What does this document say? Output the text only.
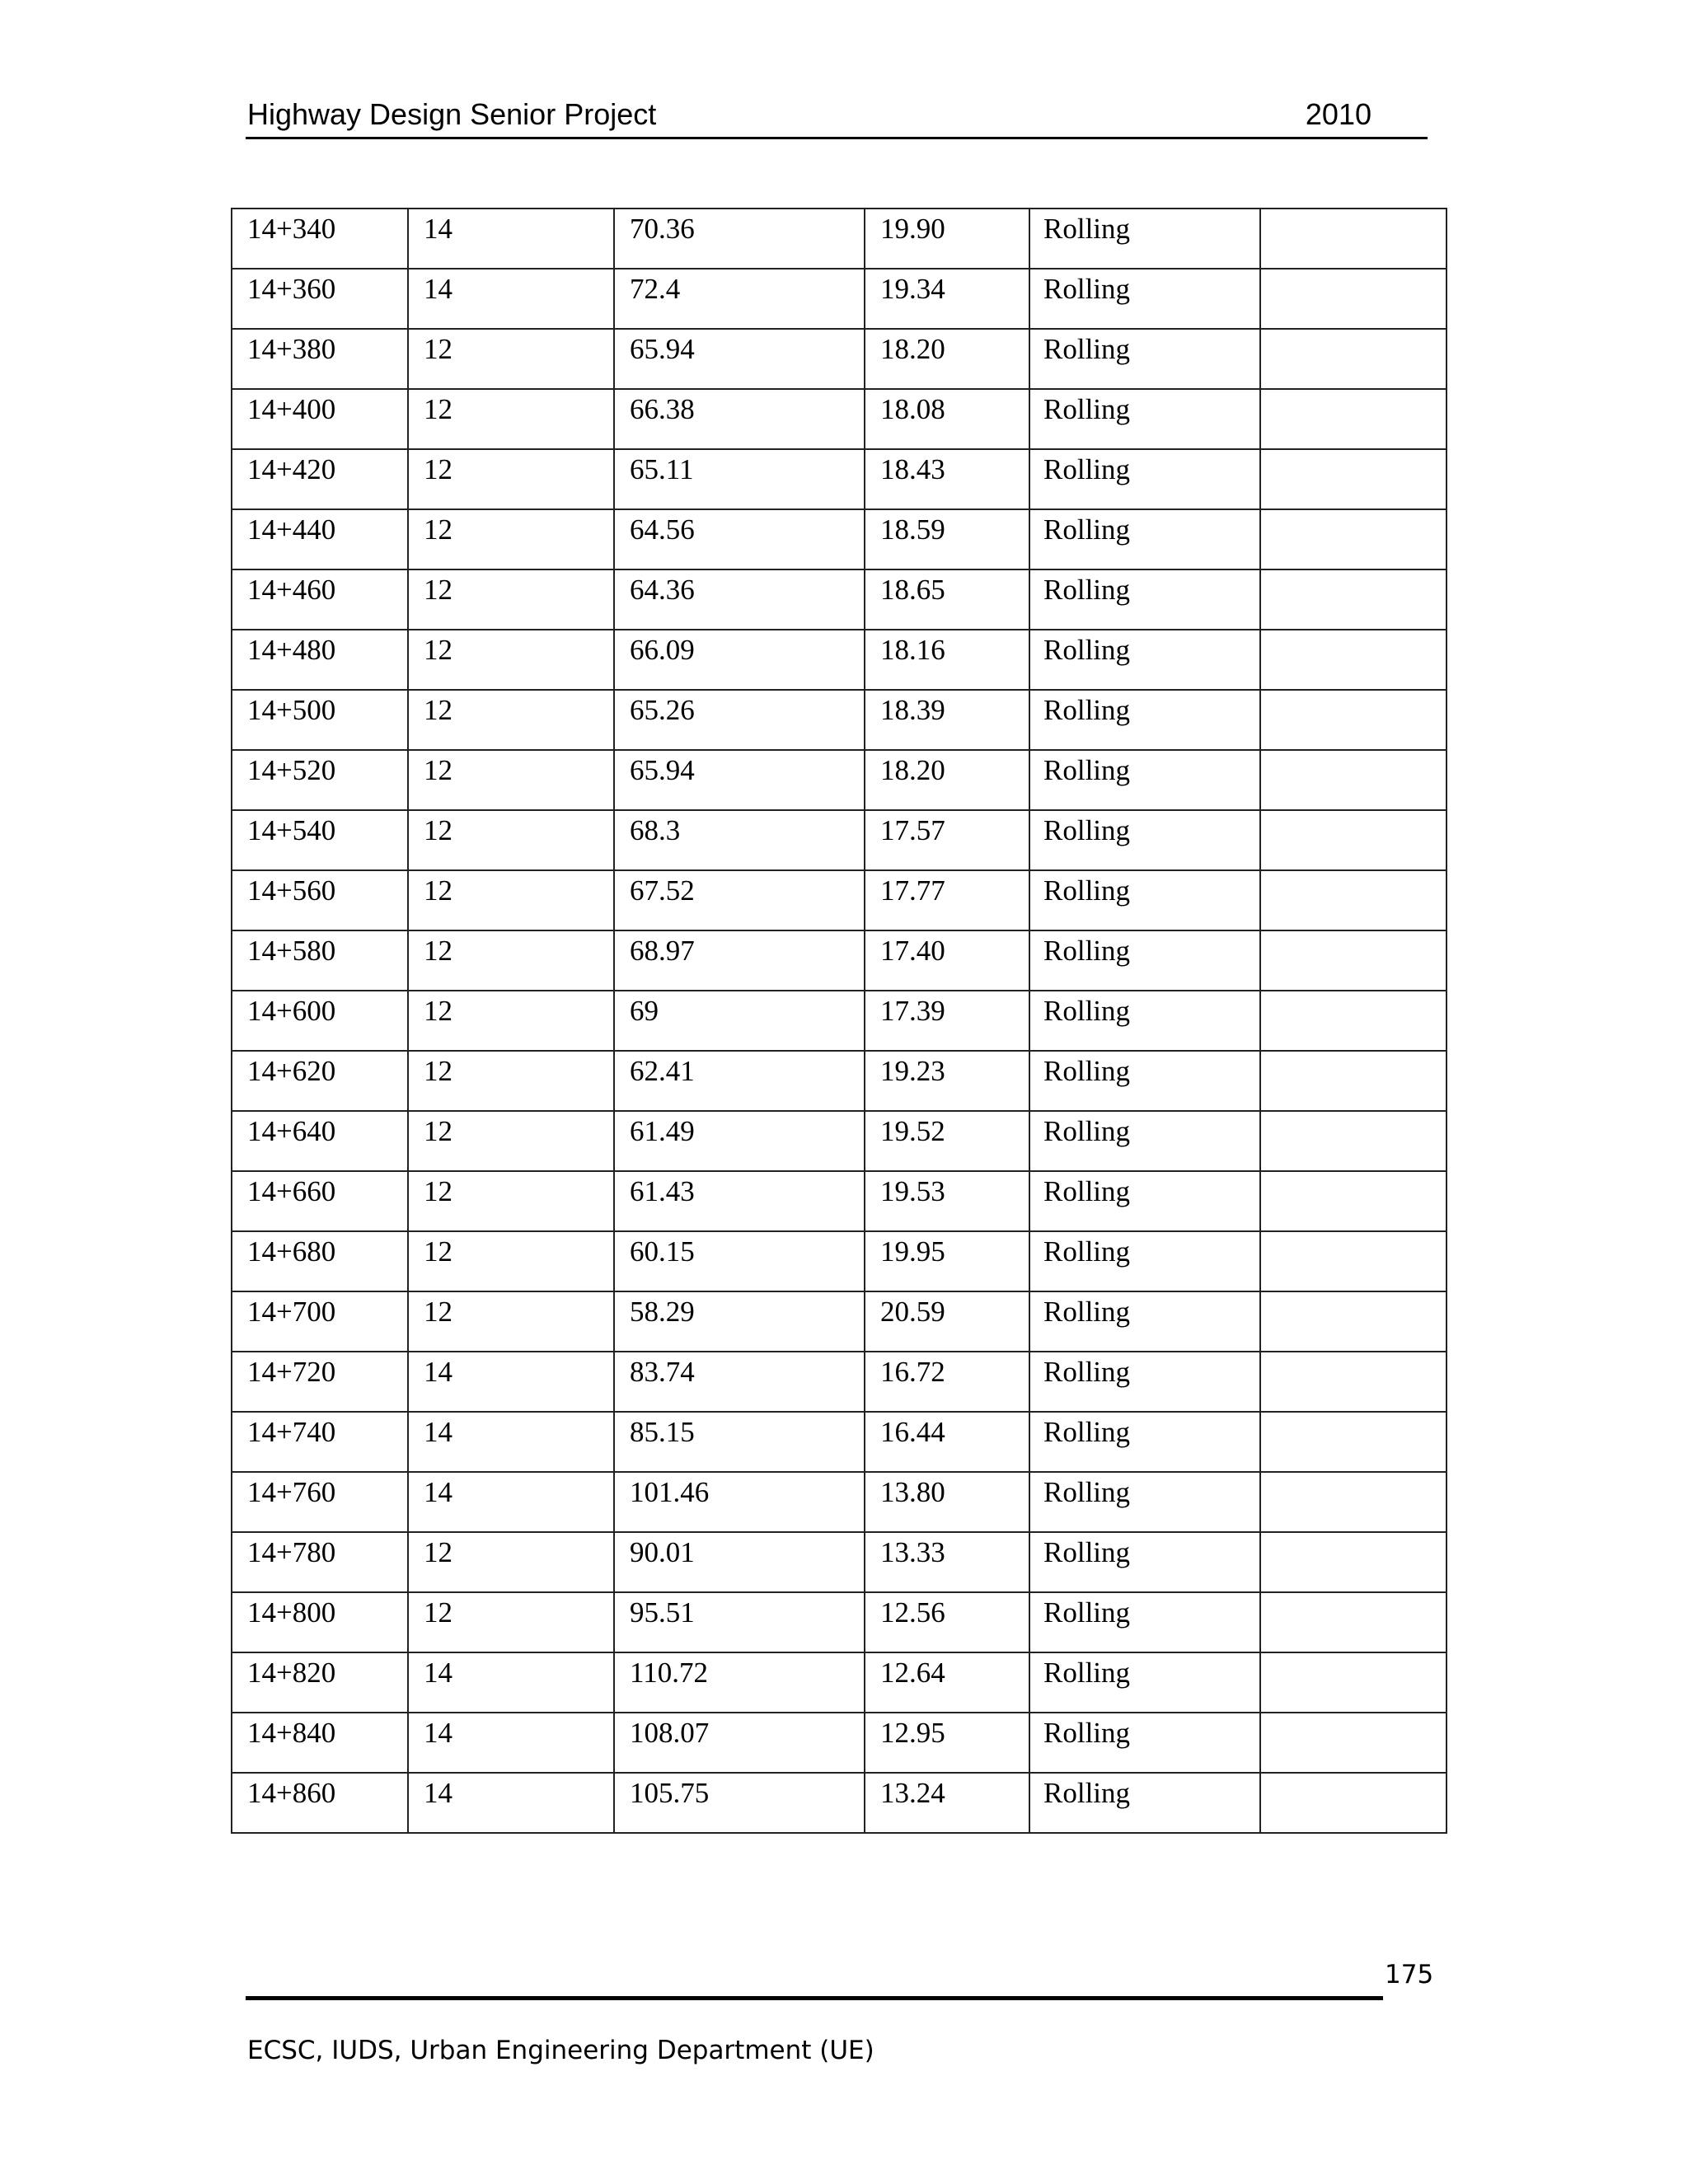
Highway Design Senior Project	2010
14+340	14	70.36	19.90	Rolling	
14+360	14	72.4	19.34	Rolling	
14+380	12	65.94	18.20	Rolling	
14+400	12	66.38	18.08	Rolling	
14+420	12	65.11	18.43	Rolling	
14+440	12	64.56	18.59	Rolling	
14+460	12	64.36	18.65	Rolling	
14+480	12	66.09	18.16	Rolling	
14+500	12	65.26	18.39	Rolling	
14+520	12	65.94	18.20	Rolling	
14+540	12	68.3	17.57	Rolling	
14+560	12	67.52	17.77	Rolling	
14+580	12	68.97	17.40	Rolling	
14+600	12	69	17.39	Rolling	
14+620	12	62.41	19.23	Rolling	
14+640	12	61.49	19.52	Rolling	
14+660	12	61.43	19.53	Rolling	
14+680	12	60.15	19.95	Rolling	
14+700	12	58.29	20.59	Rolling	
14+720	14	83.74	16.72	Rolling	
14+740	14	85.15	16.44	Rolling	
14+760	14	101.46	13.80	Rolling	
14+780	12	90.01	13.33	Rolling	
14+800	12	95.51	12.56	Rolling	
14+820	14	110.72	12.64	Rolling	
14+840	14	108.07	12.95	Rolling	
14+860	14	105.75	13.24	Rolling	
175
ECSC, IUDS, Urban Engineering Department (UE)
